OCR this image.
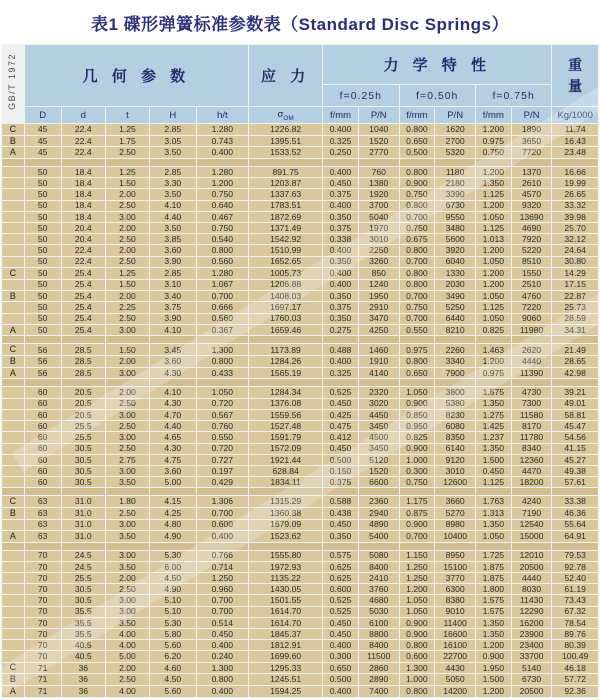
表1 碟形弹簧标准参数表（Standard Disc Springs）
GB/T 1972	几 何 参 数					应 力	力 学 特 性						重
量

							f=0.25h		f=0.50h		f=0.75h		
	D	d	t	H	h/t	$\sigma_{OM}$	f/mm	P/N	f/mm	P/N	f/mm	P/N	Kg/1000
C	45	22.4	1.25	2.85	1.280	1226.82	0.400	1040	0.800	1620	1.200	1890	11.74
B	45	22.4	1.75	3.05	0.743	1395.51	0.325	1520	0.650	2700	0.975	3650	16.43
A	45	22.4	2.50	3.50	0.400	1533.52	0.250	2770	0.500	5320	0.750	7720	23.48

	50	18.4	1.25	2.85	1.280	891.75	0.400	760	0.800	1180	1.200	1370	16.66
	50	18.4	1.50	3.30	1.200	1203.87	0.450	1380	0.900	2180	1.350	2610	19.99
	50	18.4	2.00	3.50	0.750	1337.63	0.375	1920	0.750	3390	1.125	4570	26.65
	50	18.4	2.50	4.10	0.640	1783.51	0.400	3700	0.800	6730	1.200	9320	33.32
	50	18.4	3.00	4.40	0.467	1872.69	0.350	5040	0.700	9550	1.050	13690	39.98
	50	20.4	2.00	3.50	0.750	1371.49	0.375	1970	0.750	3480	1.125	4690	25.70
	50	20.4	2.50	3.85	0.540	1542.92	0.338	3010	0.675	5600	1.013	7920	32.12
	50	22.4	2.00	3.60	0.800	1510.99	0.400	2250	0.800	3920	1.200	5220	24.64
	50	22.4	2.50	3.90	0.560	1652.65	0.350	3260	0.700	6040	1.050	8510	30.80
C	50	25.4	1.25	2.85	1.280	1005.73	0.400	850	0.800	1330	1.200	1550	14.29
	50	25.4	1.50	3.10	1.067	1206.88	0.400	1240	0.800	2030	1.200	2510	17.15
B	50	25.4	2.00	3.40	0.700	1408.03	0.350	1950	0.700	3490	1.050	4760	22.87
	50	25.4	2.25	3.75	0.666	1697.17	0.375	2910	0.750	5250	1.125	7220	25.73
	50	25.4	2.50	3.90	0.560	1760.03	0.350	3470	0.700	6440	1.050	9060	28.59
A	50	25.4	3.00	4.10	0.367	1659.46	0.275	4250	0.550	8210	0.825	11980	34.31

C	56	28.5	1.50	3.45	1.300	1173.89	0.488	1460	0.975	2260	1.463	2620	21.49
B	56	28.5	2.00	3.60	0.800	1284.26	0.400	1910	0.800	3340	1.200	4440	28.65
A	56	28.5	3.00	4.30	0.433	1565.19	0.325	4140	0.650	7900	0.975	11390	42.98

	60	20.5	2.00	4.10	1.050	1284.34	0.525	2320	1.050	3800	1.575	4730	39.21
	60	20.5	2.50	4.30	0.720	1376.08	0.450	3020	0.900	5380	1.350	7300	49.01
	60	20.5	3.00	4.70	0.567	1559.56	0.425	4450	0.850	8230	1.275	11580	58.81
	60	25.5	2.50	4.40	0.760	1527.48	0.475	3450	0.950	6080	1.425	8170	45.47
	60	25.5	3.00	4.65	0.550	1591.79	0.412	4500	0.825	8350	1.237	11780	54.56
	60	30.5	2.50	4.30	0.720	1572.09	0.450	3450	0.900	6140	1.350	8340	41.15
	60	30.5	2.75	4.75	0.727	1921.44	0.500	5120	1.000	9120	1.500	12360	45.27
	60	30.5	3.00	3.60	0.197	628.84	0.150	1520	0.300	3010	0.450	4470	49.38
	60	30.5	3.50	5.00	0.429	1834.11	0.375	6600	0.750	12600	1.125	18200	57.61

C	63	31.0	1.80	4.15	1.306	1315.29	0.588	2360	1.175	3660	1.763	4240	33.38
B	63	31.0	2.50	4.25	0.700	1360.38	0.438	2940	0.875	5270	1.313	7190	46.36
	63	31.0	3.00	4.80	0.600	1679.09	0.450	4890	0.900	8980	1.350	12540	55.64
A	63	31.0	3.50	4.90	0.400	1523.62	0.350	5400	0.700	10400	1.050	15000	64.91

	70	24.5	3.00	5.30	0.766	1555.80	0.575	5080	1.150	8950	1.725	12010	79.53
	70	24.5	3.50	6.00	0.714	1972.93	0.625	8400	1.250	15100	1.875	20500	92.78
	70	25.5	2.00	4.50	1.250	1135.22	0.625	2410	1.250	3770	1.875	4440	52.40
	70	30.5	2.50	4.90	0.960	1430.05	0.600	3760	1.200	6300	1.800	8030	61.19
	70	30.5	3.00	5.10	0.700	1501.55	0.525	4680	1.050	8380	1.575	11430	73.43
	70	35.5	3.00	5.10	0.700	1614.70	0.525	5030	1.050	9010	1.575	12290	67.32
	70	35.5	3.50	5.30	0.514	1614.70	0.450	6100	0.900	11400	1.350	16200	78.54
	70	35.5	4.00	5.80	0.450	1845.37	0.450	8800	0.900	16600	1.350	23900	89.76
	70	40.5	4.00	5.60	0.400	1812.91	0.400	8400	0.800	16100	1.200	23400	80.39
	70	40.5	5.00	6.20	0.240	1699.60	0.300	11500	0.600	22700	0.900	33700	100.49
C	71	36	2.00	4.60	1.300	1295.33	0.650	2860	1.300	4430	1.950	5140	46.18
B	71	36	2.50	4.50	0.800	1245.51	0.500	2890	1.000	5050	1.500	6730	57.72
A	71	36	4.00	5.60	0.400	1594.25	0.400	7400	0.800	14200	1.200	20500	92.36
